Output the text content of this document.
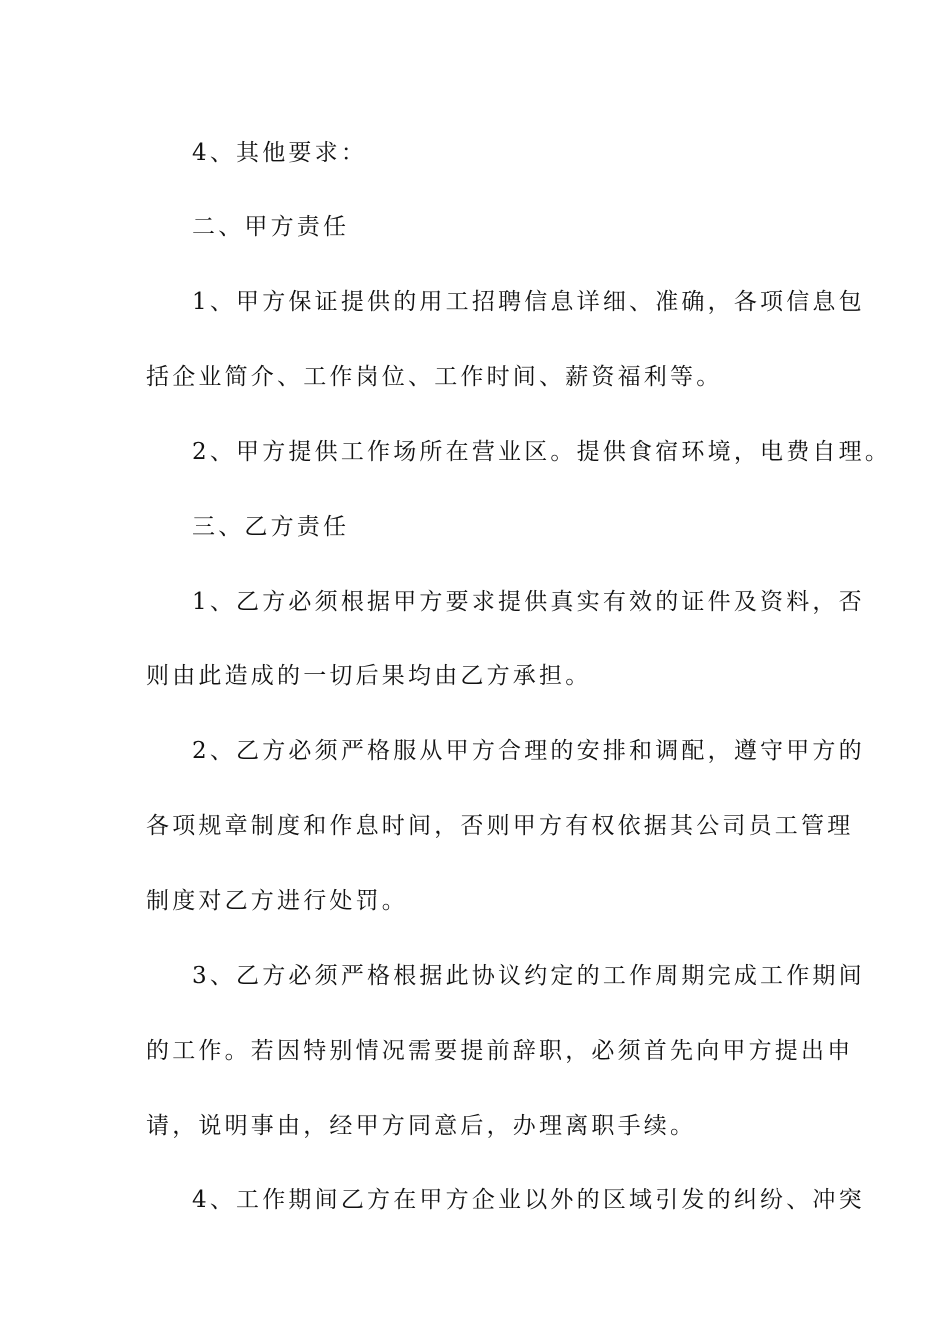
4、其他要求：
二、甲方责任
1、甲方保证提供的用工招聘信息详细、准确，各项信息包
括企业简介、工作岗位、工作时间、薪资福利等。
2、甲方提供工作场所在营业区。提供食宿环境，电费自理。
三、乙方责任
1、乙方必须根据甲方要求提供真实有效的证件及资料，否
则由此造成的一切后果均由乙方承担。
2、乙方必须严格服从甲方合理的安排和调配，遵守甲方的
各项规章制度和作息时间，否则甲方有权依据其公司员工管理
制度对乙方进行处罚。
3、乙方必须严格根据此协议约定的工作周期完成工作期间
的工作。若因特别情况需要提前辞职，必须首先向甲方提出申
请，说明事由，经甲方同意后，办理离职手续。
4、工作期间乙方在甲方企业以外的区域引发的纠纷、冲突
